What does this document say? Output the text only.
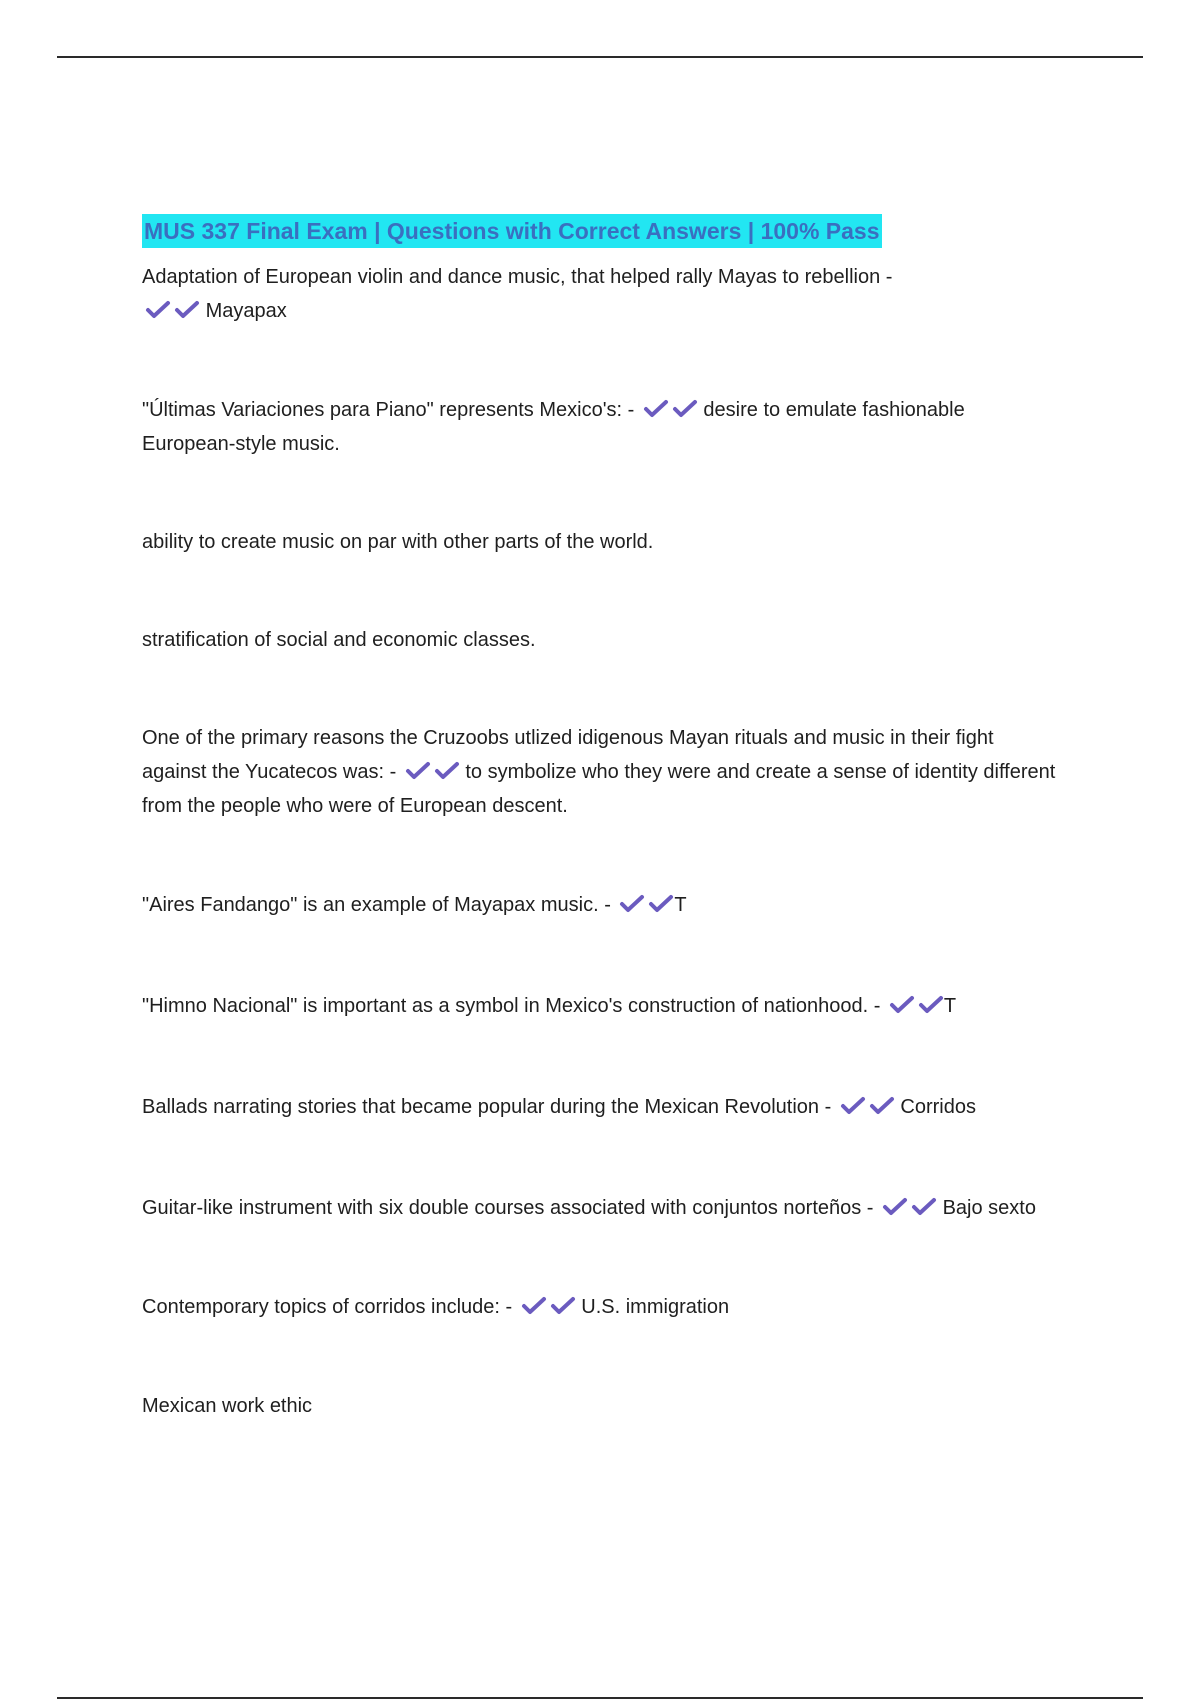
MUS 337 Final Exam | Questions with Correct Answers | 100% Pass

Adaptation of European violin and dance music, that helped rally Mayas to rebellion -

Mayapax

"Últimas Variaciones para Piano" represents Mexico's: -	desire to emulate fashionable European-style music.

ability to create music on par with other parts of the world.

stratification of social and economic classes.

One of the primary reasons the Cruzoobs utlized idigenous Mayan rituals and music in their fight against the Yucatecos was: -	to symbolize who they were and create a sense of identity different from the people who were of European descent.

"Aires Fandango" is an example of Mayapax music. -	T

"Himno Nacional" is important as a symbol in Mexico's construction of nationhood. -	T

Ballads narrating stories that became popular during the Mexican Revolution -	Corridos

Guitar-like instrument with six double courses associated with conjuntos norteños -	Bajo sexto

Contemporary topics of corridos include: -	U.S. immigration

Mexican work ethic
